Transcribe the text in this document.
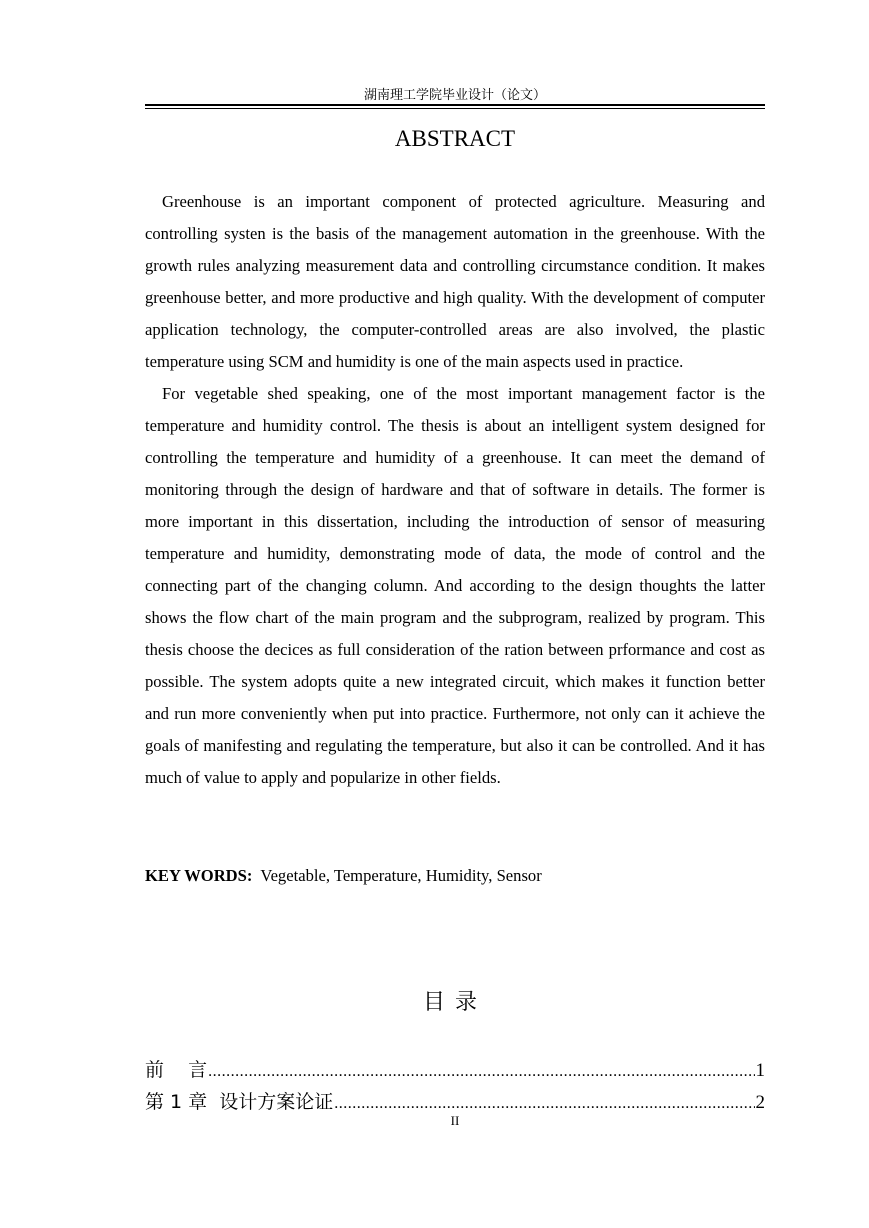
湖南理工学院毕业设计（论文）
ABSTRACT

Greenhouse is an important component of protected agriculture. Measuring and controlling systen is the basis of the management automation in the greenhouse. With the growth rules analyzing measurement data and controlling circumstance condition. It makes greenhouse better, and more productive and high quality. With the development of computer application technology, the computer-controlled areas are also involved, the plastic temperature using SCM and humidity is one of the main aspects used in practice.

For vegetable shed speaking, one of the most important management factor is the temperature and humidity control. The thesis is about an intelligent system designed for controlling the temperature and humidity of a greenhouse. It can meet the demand of monitoring through the design of hardware and that of software in details. The former is more important in this dissertation, including the introduction of sensor of measuring temperature and humidity, demonstrating mode of data, the mode of control and the connecting part of the changing column. And according to the design thoughts the latter shows the flow chart of the main program and the subprogram, realized by program. This thesis choose the decices as full consideration of the ration between prformance and cost as possible. The system adopts quite a new integrated circuit, which makes it function better and run more conveniently when put into practice. Furthermore, not only can it achieve the goals of manifesting and regulating the temperature, but also it can be controlled. And it has much of value to apply and popularize in other fields.

KEY WORDS: Vegetable, Temperature, Humidity, Sensor
目录
前    言 .....	1
第 1 章  设计方案论证 .....	2
II
